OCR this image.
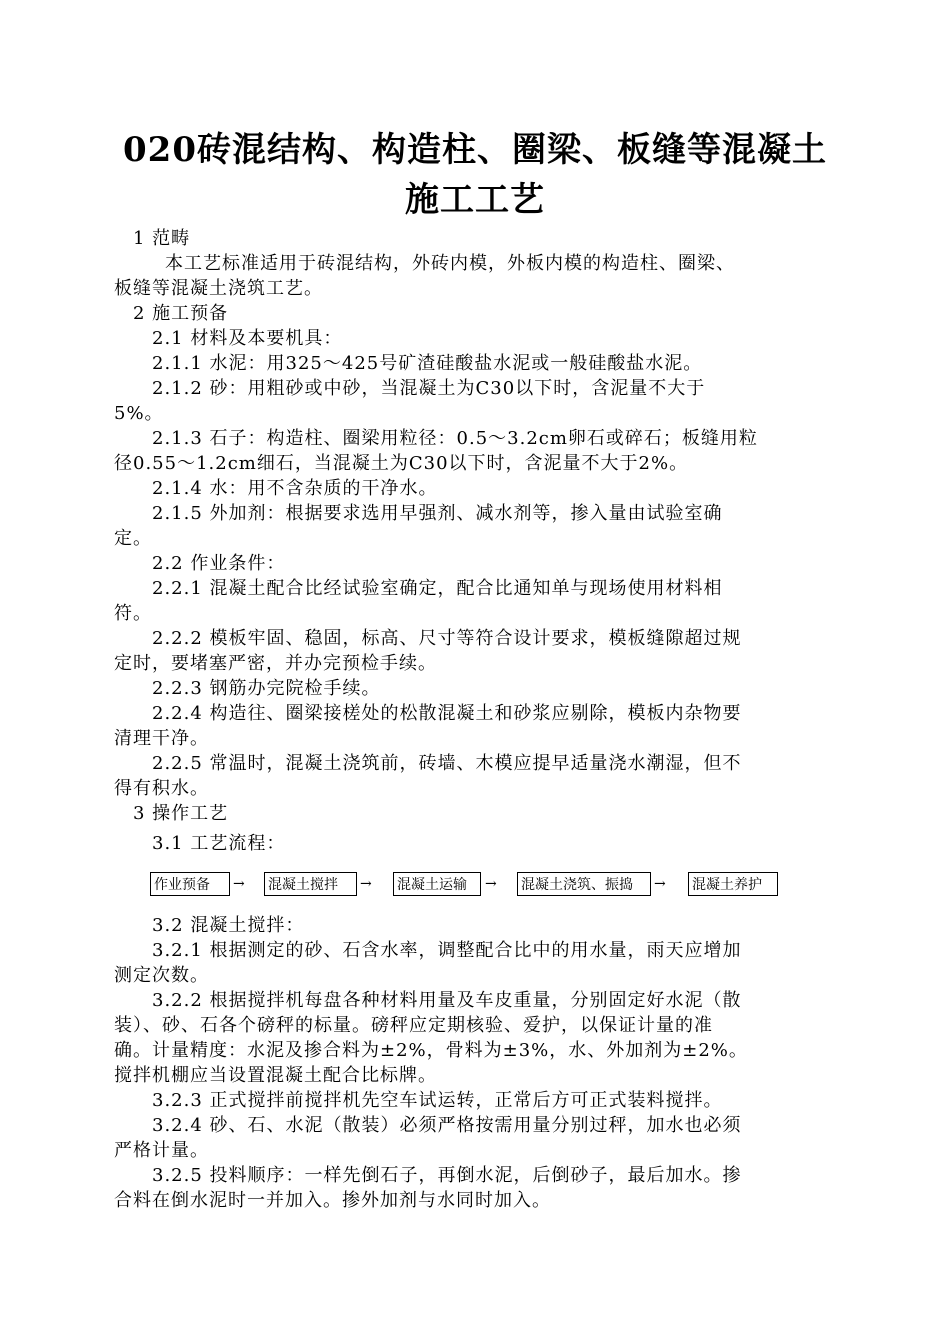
020砖混结构、构造柱、圈梁、板缝等混凝土
施工工艺
1 范畴
本工艺标准适用于砖混结构，外砖内模，外板内模的构造柱、圈梁、
板缝等混凝土浇筑工艺。
2 施工预备
2.1 材料及本要机具：
2.1.1 水泥：用325～425号矿渣硅酸盐水泥或一般硅酸盐水泥。
2.1.2 砂：用粗砂或中砂，当混凝土为C30以下时，含泥量不大于
5%。
2.1.3 石子：构造柱、圈梁用粒径：0.5～3.2cm卵石或碎石；板缝用粒
径0.55～1.2cm细石，当混凝土为C30以下时，含泥量不大于2%。
2.1.4 水：用不含杂质的干净水。
2.1.5 外加剂：根据要求选用早强剂、减水剂等，掺入量由试验室确
定。
2.2 作业条件：
2.2.1 混凝土配合比经试验室确定，配合比通知单与现场使用材料相
符。
2.2.2 模板牢固、稳固，标高、尺寸等符合设计要求，模板缝隙超过规
定时，要堵塞严密，并办完预检手续。
2.2.3 钢筋办完院检手续。
2.2.4 构造往、圈梁接槎处的松散混凝土和砂浆应剔除，模板内杂物要
清理干净。
2.2.5 常温时，混凝土浇筑前，砖墙、木模应提早适量浇水潮湿，但不
得有积水。
3 操作工艺
3.1 工艺流程：
作业预备	→ 混凝土搅拌	→ 混凝土运输	→ 混凝土浇筑、振捣	→ 混凝土养护
3.2 混凝土搅拌：
3.2.1 根据测定的砂、石含水率，调整配合比中的用水量，雨天应增加
测定次数。
3.2.2 根据搅拌机每盘各种材料用量及车皮重量，分别固定好水泥（散
装）、砂、石各个磅秤的标量。磅秤应定期核验、爱护，以保证计量的准
确。计量精度：水泥及掺合料为±2%，骨料为±3%，水、外加剂为±2%。
搅拌机棚应当设置混凝土配合比标牌。
3.2.3 正式搅拌前搅拌机先空车试运转，正常后方可正式装料搅拌。
3.2.4 砂、石、水泥（散装）必须严格按需用量分别过秤，加水也必须
严格计量。
3.2.5 投料顺序：一样先倒石子，再倒水泥，后倒砂子，最后加水。掺
合料在倒水泥时一并加入。掺外加剂与水同时加入。
